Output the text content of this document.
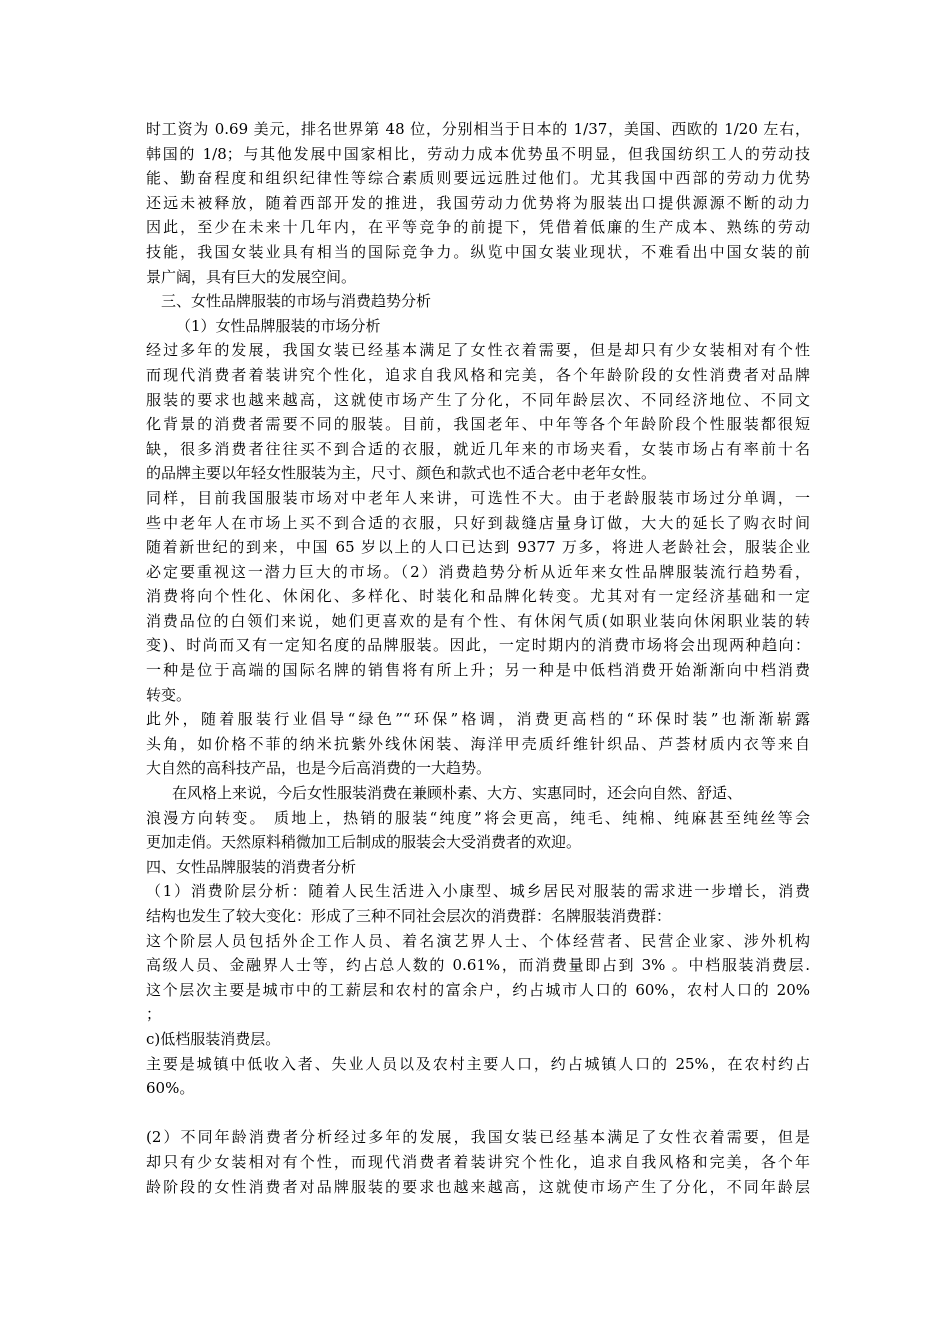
时工资为 0.69 美元，排名世界第 48 位，分别相当于日本的 1/37，美国、西欧的 1/20 左右，
韩国的 1/8；与其他发展中国家相比，劳动力成本优势虽不明显，但我国纺织工人的劳动技
能、勤奋程度和组织纪律性等综合素质则要远远胜过他们。尤其我国中西部的劳动力优势
还远未被释放，随着西部开发的推进，我国劳动力优势将为服装出口提供源源不断的动力
因此，至少在未来十几年内，在平等竞争的前提下，凭借着低廉的生产成本、熟练的劳动
技能，我国女装业具有相当的国际竞争力。纵览中国女装业现状，不难看出中国女装的前
景广阔，具有巨大的发展空间。
三、女性品牌服装的市场与消费趋势分析
（1）女性品牌服装的市场分析
经过多年的发展，我国女装已经基本满足了女性衣着需要，但是却只有少女装相对有个性
而现代消费者着装讲究个性化，追求自我风格和完美，各个年龄阶段的女性消费者对品牌
服装的要求也越来越高，这就使市场产生了分化，不同年龄层次、不同经济地位、不同文
化背景的消费者需要不同的服装。目前，我国老年、中年等各个年龄阶段个性服装都很短
缺，很多消费者往往买不到合适的衣服，就近几年来的市场夹看，女装市场占有率前十名
的品牌主要以年轻女性服装为主，尺寸、颜色和款式也不适合老中老年女性。
同样，目前我国服装市场对中老年人来讲，可选性不大。由于老龄服装市场过分单调，一
些中老年人在市场上买不到合适的衣服，只好到裁缝店量身订做，大大的延长了购衣时间
随着新世纪的到来，中国 65 岁以上的人口已达到 9377 万多，将进人老龄社会，服装企业
必定要重视这一潜力巨大的市场。（2）消费趋势分析从近年来女性品牌服装流行趋势看，
消费将向个性化、休闲化、多样化、时装化和品牌化转变。尤其对有一定经济基础和一定
消费品位的白领们来说，她们更喜欢的是有个性、有休闲气质(如职业装向休闲职业装的转
变)、时尚而又有一定知名度的品牌服装。因此，一定时期内的消费市场将会出现两种趋向：
一种是位于高端的国际名牌的销售将有所上升；另一种是中低档消费开始渐渐向中档消费
转变。
此外，随着服装行业倡导“绿色”“环保”格调，消费更高档的“环保时装”也渐渐崭露
头角，如价格不菲的纳米抗紫外线休闲装、海洋甲壳质纤维针织品、芦荟材质内衣等来自
大自然的高科技产品，也是今后高消费的一大趋势。
在风格上来说，今后女性服装消费在兼顾朴素、大方、实惠同时，还会向自然、舒适、
浪漫方向转变。 质地上，热销的服装“纯度”将会更高，纯毛、纯棉、纯麻甚至纯丝等会
更加走俏。天然原料稍微加工后制成的服装会大受消费者的欢迎。
四、女性品牌服装的消费者分析
（1）消费阶层分析：随着人民生活进入小康型、城乡居民对服装的需求进一步增长，消费
结构也发生了较大变化：形成了三种不同社会层次的消费群：名牌服装消费群：
这个阶层人员包括外企工作人员、着名演艺界人士、个体经营者、民营企业家、涉外机构
高级人员、金融界人士等，约占总人数的 0.61%，而消费量即占到 3% 。中档服装消费层.
这个层次主要是城市中的工薪层和农村的富余户，约占城市人口的 60%，农村人口的 20%
；
c)低档服装消费层。
主要是城镇中低收入者、失业人员以及农村主要人口，约占城镇人口的 25%，在农村约占
60%。
(2）不同年龄消费者分析经过多年的发展，我国女装已经基本满足了女性衣着需要，但是
却只有少女装相对有个性，而现代消费者着装讲究个性化，追求自我风格和完美，各个年
龄阶段的女性消费者对品牌服装的要求也越来越高，这就使市场产生了分化，不同年龄层
